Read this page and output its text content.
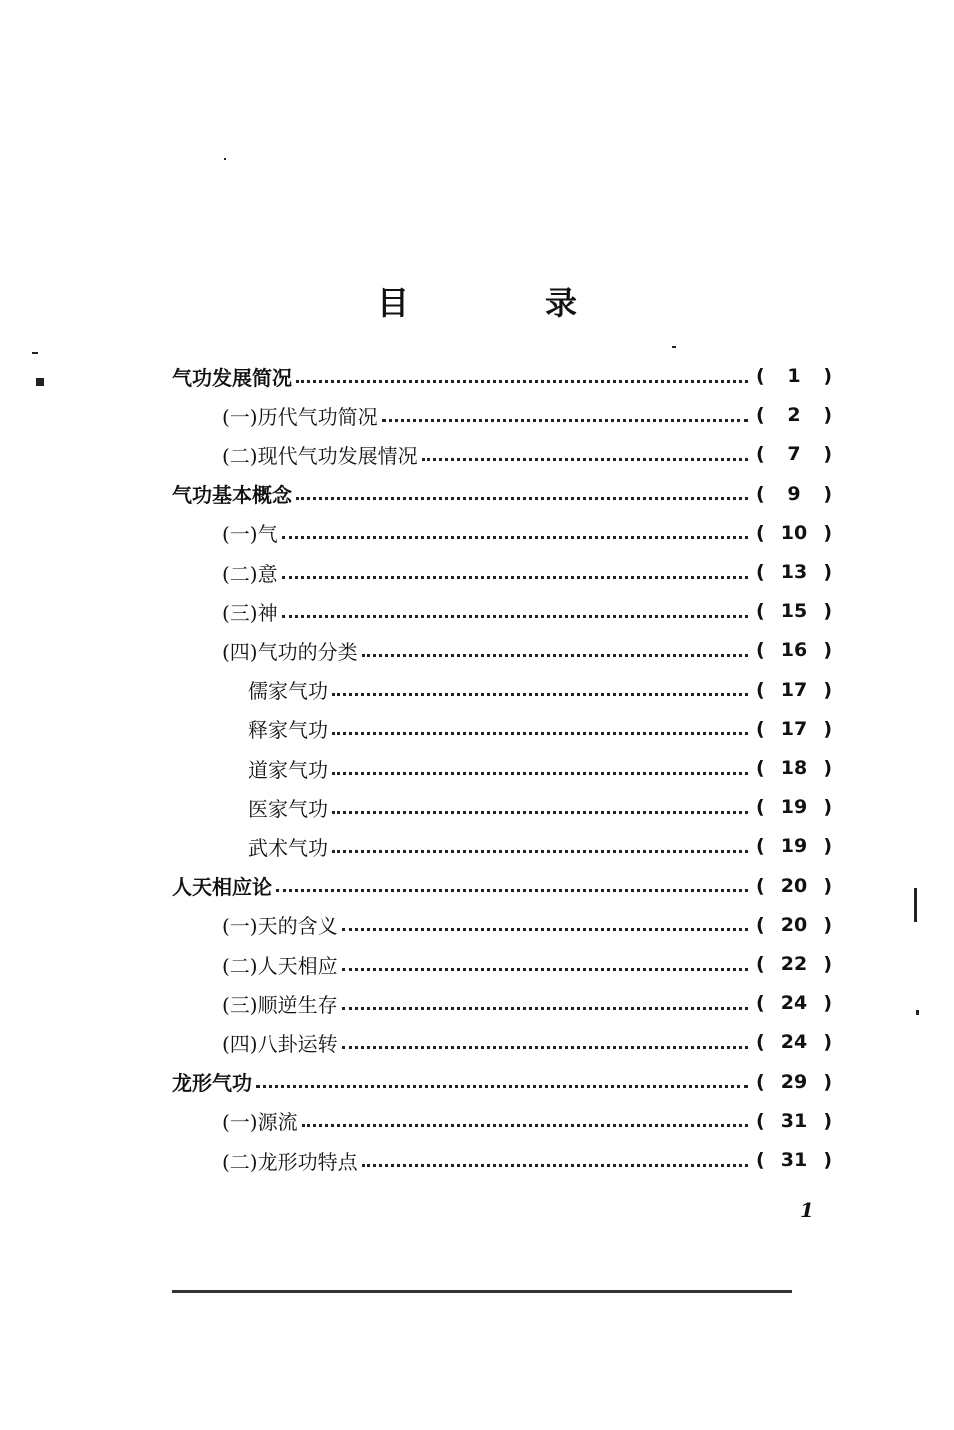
目　录
气功发展简况	(	1	)
(一)历代气功简况	(	2	)
(二)现代气功发展情况	(	7	)
气功基本概念	(	9	)
(一)气	( 10 )
(二)意	( 13 )
(三)神	( 15 )
(四)气功的分类	( 16 )
儒家气功	( 17 )
释家气功	( 17 )
道家气功	( 18 )
医家气功	( 19 )
武术气功	( 19 )
人天相应论	( 20 )
(一)天的含义	( 20 )
(二)人天相应	( 22 )
(三)顺逆生存	( 24 )
(四)八卦运转	( 24 )
龙形气功	( 29 )
(一)源流	( 31 )
(二)龙形功特点	( 31 )
1
